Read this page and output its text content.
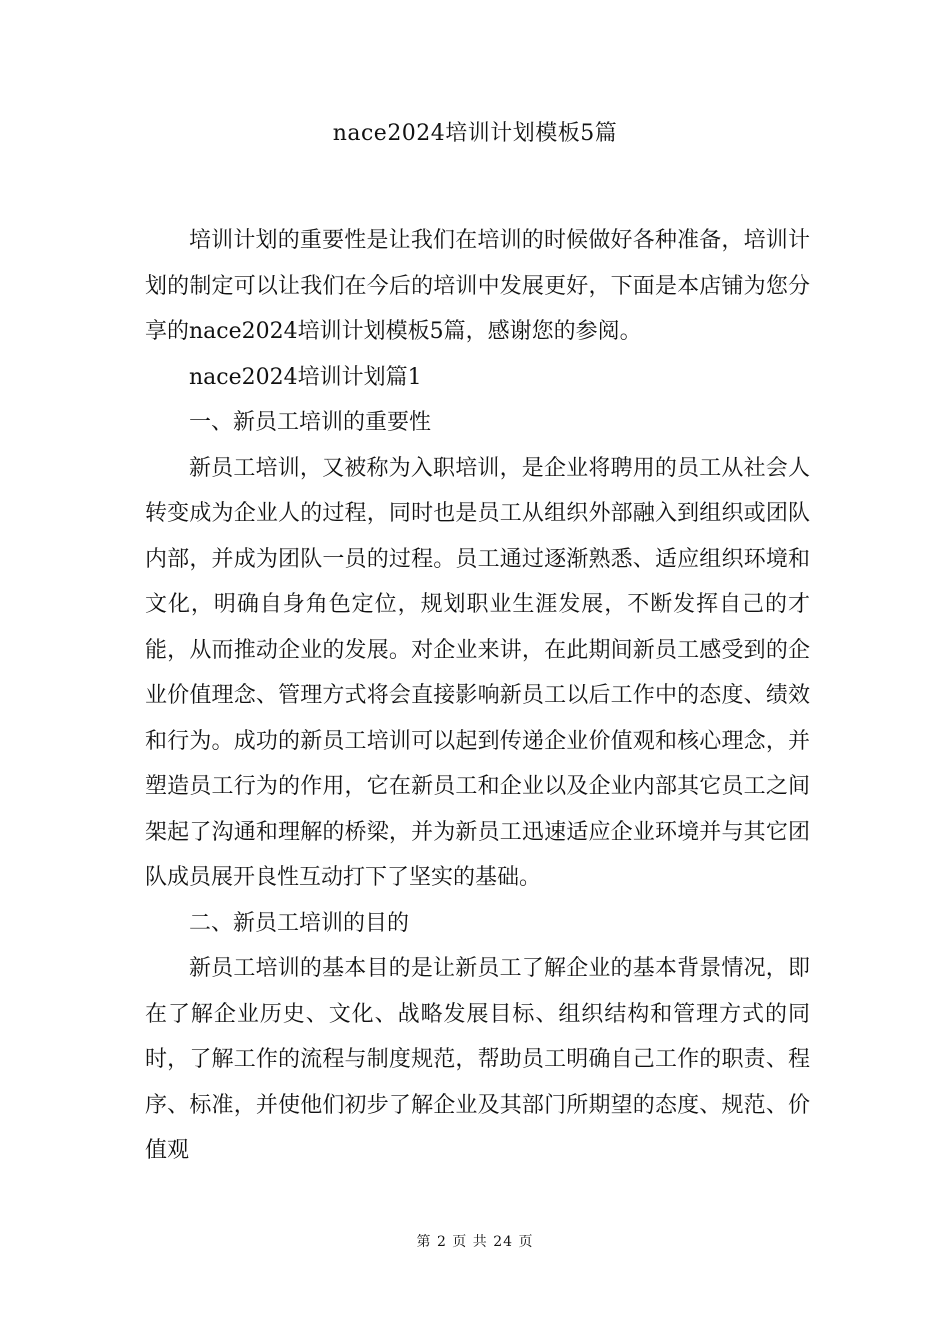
nace2024培训计划模板5篇

培训计划的重要性是让我们在培训的时候做好各种准备，培训计划的制定可以让我们在今后的培训中发展更好，下面是本店铺为您分享的nace2024培训计划模板5篇，感谢您的参阅。

nace2024培训计划篇1

一、新员工培训的重要性

新员工培训，又被称为入职培训，是企业将聘用的员工从社会人转变成为企业人的过程，同时也是员工从组织外部融入到组织或团队内部，并成为团队一员的过程。员工通过逐渐熟悉、适应组织环境和文化，明确自身角色定位，规划职业生涯发展，不断发挥自己的才能，从而推动企业的发展。对企业来讲，在此期间新员工感受到的企业价值理念、管理方式将会直接影响新员工以后工作中的态度、绩效和行为。成功的新员工培训可以起到传递企业价值观和核心理念，并塑造员工行为的作用，它在新员工和企业以及企业内部其它员工之间架起了沟通和理解的桥梁，并为新员工迅速适应企业环境并与其它团队成员展开良性互动打下了坚实的基础。

二、新员工培训的目的

新员工培训的基本目的是让新员工了解企业的基本背景情况，即在了解企业历史、文化、战略发展目标、组织结构和管理方式的同时，了解工作的流程与制度规范，帮助员工明确自己工作的职责、程序、标准，并使他们初步了解企业及其部门所期望的态度、规范、价值观

第 2 页 共 24 页
